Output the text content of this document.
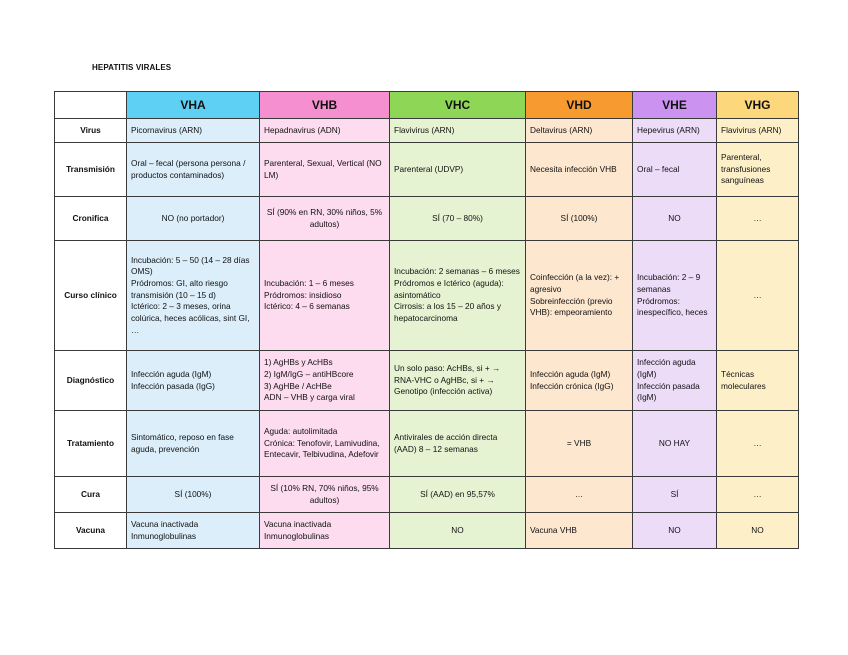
HEPATITIS VIRALES
	VHA	VHB	VHC	VHD	VHE	VHG
Virus	Picornavirus (ARN)	Hepadnavirus (ADN)	Flavivirus (ARN)	Deltavirus (ARN)	Hepevirus (ARN)	Flavivirus (ARN)
Transmisión	Oral – fecal (persona persona / productos contaminados)	Parenteral, Sexual, Vertical (NO LM)	Parenteral (UDVP)	Necesita infección VHB	Oral – fecal	Parenteral, transfusiones sanguíneas
Cronifica	NO (no portador)	SÍ (90% en RN, 30% niños, 5% adultos)	SÍ (70 – 80%)	SÍ (100%)	NO	…
Curso clínico	Incubación: 5 – 50 (14 – 28 días OMS)
Pródromos: GI, alto riesgo transmisión (10 – 15 d)
Ictérico: 2 – 3 meses, orina colúrica, heces acólicas, sint GI, …	Incubación: 1 – 6 meses
Pródromos: insidioso
Ictérico: 4 – 6 semanas	Incubación: 2 semanas – 6 meses
Pródromos e Ictérico (aguda): asintomático
Cirrosis: a los 15 – 20 años y hepatocarcinoma	Coinfección (a la vez): + agresivo
Sobreinfección (previo VHB): empeoramiento	Incubación: 2 – 9 semanas
Pródromos: inespecífico, heces	…

Diagnóstico	Infección aguda (IgM)
Infección pasada (IgG)	1) AgHBs y AcHBs
2) IgM/IgG – antiHBcore
3) AgHBe / AcHBe
ADN – VHB y carga viral	Un solo paso: AcHBs, si + →
RNA-VHC o AgHBc, si + →
Genotipo (infección activa)	Infección aguda (IgM)
Infección crónica (IgG)	Infección aguda (IgM)
Infección pasada (IgM)	Técnicas moleculares

Tratamiento	Sintomático, reposo en fase aguda, prevención	Aguda: autolimitada
Crónica: Tenofovir, Lamivudina, Entecavir, Telbivudina, Adefovir	Antivirales de acción directa (AAD) 8 – 12 semanas	= VHB	NO HAY	…

Cura	SÍ (100%)	SÍ (10% RN, 70% niños, 95% adultos)	SÍ (AAD) en 95,57%	…	SÍ	…
Vacuna	Vacuna inactivada
Inmunoglobulinas	Vacuna inactivada
Inmunoglobulinas	NO	Vacuna VHB	NO	NO
